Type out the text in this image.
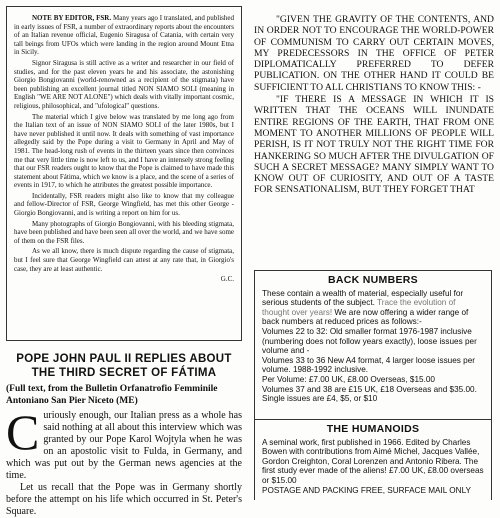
NOTE BY EDITOR, FSR. Many years ago I translated, and published in early issues of FSR, a number of extraordinary reports about the encounters of an Italian revenue official, Eugenio Siragusa of Catania, with certain very tall beings from UFOs which were landing in the region around Mount Etna in Sicily.

Signor Siragusa is still active as a writer and researcher in our field of studies, and for the past eleven years he and his associate, the astonishing Giorgio Bongiovanni (world-renowned as a recipient of the stigmata) have been publishing an excellent journal titled NON SIAMO SOLI (meaning in English "WE ARE NOT ALONE") which deals with vitally important cosmic, religious, philosophical, and "ufological" questions.

The material which I give below was translated by me long ago from the Italian text of an issue of NON SIAMO SOLI of the later 1980s, but I have never published it until now. It deals with something of vast importance allegedly said by the Pope during a visit to Germany in April and May of 1981. The head-long rush of events in the thirteen years since then convinces me that very little time is now left to us, and I have an intensely strong feeling that our FSR readers ought to know that the Pope is claimed to have made this statement about Fátima, which we know is a place, and the scene of a series of events in 1917, to which he attributes the greatest possible importance.

Incidentally, FSR readers might also like to know that my colleague and fellow-Director of FSR, George Wingfield, has met this other George - Giorgio Bongiovanni, and is writing a report on him for us.

Many photographs of Giorgio Bongiovanni, with his bleeding stigmata, have been published and have been seen all over the world, and we have some of them on the FSR files.

As we all know, there is much dispute regarding the cause of stigmata, but I feel sure that George Wingfield can attest at any rate that, in Giorgio's case, they are at least authentic.

G.C.

POPE JOHN PAUL II REPLIES ABOUT
THE THIRD SECRET OF FÁTIMA
(Full text, from the Bulletin Orfanatrofio Femminile Antoniano San Pier Niceto (ME)

Curiously enough, our Italian press as a whole has said nothing at all about this interview which was granted by our Pope Karol Wojtyla when he was on an apostolic visit to Fulda, in Germany, and which was put out by the German news agencies at the time.

Let us recall that the Pope was in Germany shortly before the attempt on his life which occurred in St. Peter's Square.

"GIVEN THE GRAVITY OF THE CONTENTS, AND IN ORDER NOT TO ENCOURAGE THE WORLD-POWER OF COMMUNISM TO CARRY OUT CERTAIN MOVES, MY PREDECESSORS IN THE OFFICE OF PETER DIPLOMATICALLY PREFERRED TO DEFER PUBLICATION. ON THE OTHER HAND IT COULD BE SUFFICIENT TO ALL CHRISTIANS TO KNOW THIS: -

"IF THERE IS A MESSAGE IN WHICH IT IS WRITTEN THAT THE OCEANS WILL INUNDATE ENTIRE REGIONS OF THE EARTH, THAT FROM ONE MOMENT TO ANOTHER MILLIONS OF PEOPLE WILL PERISH, IS IT NOT TRULY NOT THE RIGHT TIME FOR HANKERING SO MUCH AFTER THE DIVULGATION OF SUCH A SECRET MESSAGE? MANY SIMPLY WANT TO KNOW OUT OF CURIOSITY, AND OUT OF A TASTE FOR SENSATIONALISM, BUT THEY FORGET THAT

BACK NUMBERS

These contain a wealth of material, especially useful for serious students of the subject. Trace the evolution of thought over years! We are now offering a wider range of back numbers at reduced prices as follows:-

Volumes 22 to 32: Old smaller format 1976-1987 inclusive (numbering does not follow years exactly), loose issues per volume and -

Volumes 33 to 36 New A4 format, 4 larger loose issues per volume. 1988-1992 inclusive.

Per Volume: £7.00 UK, £8.00 Overseas, $15.00

Volumes 37 and 38 are £15 UK, £18 Overseas and $35.00. Single issues are £4, $5, or $10

THE HUMANOIDS

A seminal work, first published in 1966. Edited by Charles Bowen with contributions from Aimé Michel, Jacques Vallée, Gordon Creighton, Coral Lorenzen and Antonio Ribera. The first study ever made of the aliens! £7.00 UK, £8.00 overseas or $15.00

POSTAGE AND PACKING FREE, SURFACE MAIL ONLY
